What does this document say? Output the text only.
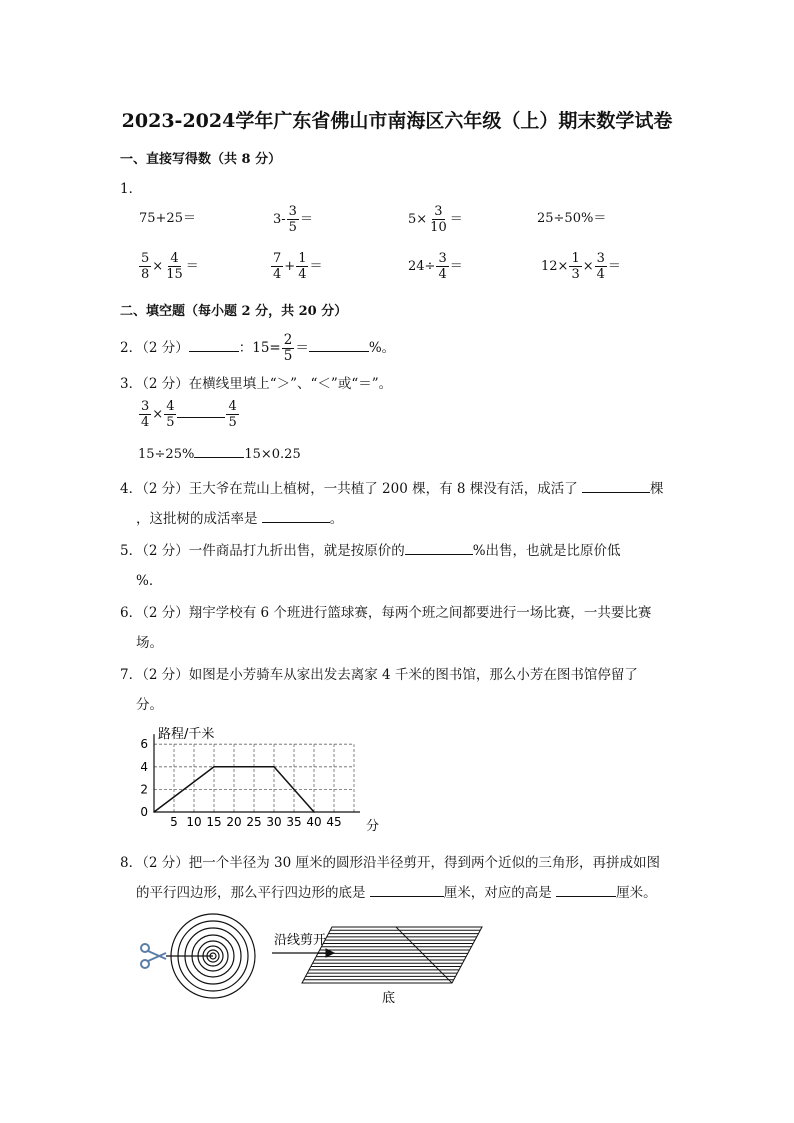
2023-2024学年广东省佛山市南海区六年级（上）期末数学试卷
一、直接写得数（共 8 分）
1．
75+25＝	$3- \frac{3}{5}$ ＝	$5\times \frac{3}{10}$ ＝	25÷50%＝
$\frac{5}{8} \times \frac{4}{15}$ ＝	$\frac{7}{4} + \frac{1}{4}$ ＝	$24\div \frac{3}{4}$ ＝	$12\times \frac{1}{3} \times \frac{3}{4}$ ＝
二、填空题（每小题 2 分，共 20 分）
2．（2 分）	：$15= \frac{2}{5}$ ＝	%。
3．（2 分）在横线里填上“＞”、“＜”或“＝”。
$\frac{3}{4} \times \frac{4}{5}$	$\frac{4}{5}$
15÷25%	15×0.25
4．（2 分）王大爷在荒山上植树，一共植了 200 棵，有 8 棵没有活，成活了	棵
，这批树的成活率是	。
5．（2 分）一件商品打九折出售，就是按原价的	%出售，也就是比原价低
%．
6．（2 分）翔宇学校有 6 个班进行篮球赛，每两个班之间都要进行一场比赛，一共要比赛
场。
7．（2 分）如图是小芳骑车从家出发去离家 4 千米的图书馆，那么小芳在图书馆停留了
分。
5 10 15 20 25 30 35 40 45
0
2
4
6
路程/千米
分
8．（2 分）把一个半径为 30 厘米的圆形沿半径剪开，得到两个近似的三角形，再拼成如图
的平行四边形，那么平行四边形的底是	厘米，对应的高是	厘米。
沿线剪开
底
